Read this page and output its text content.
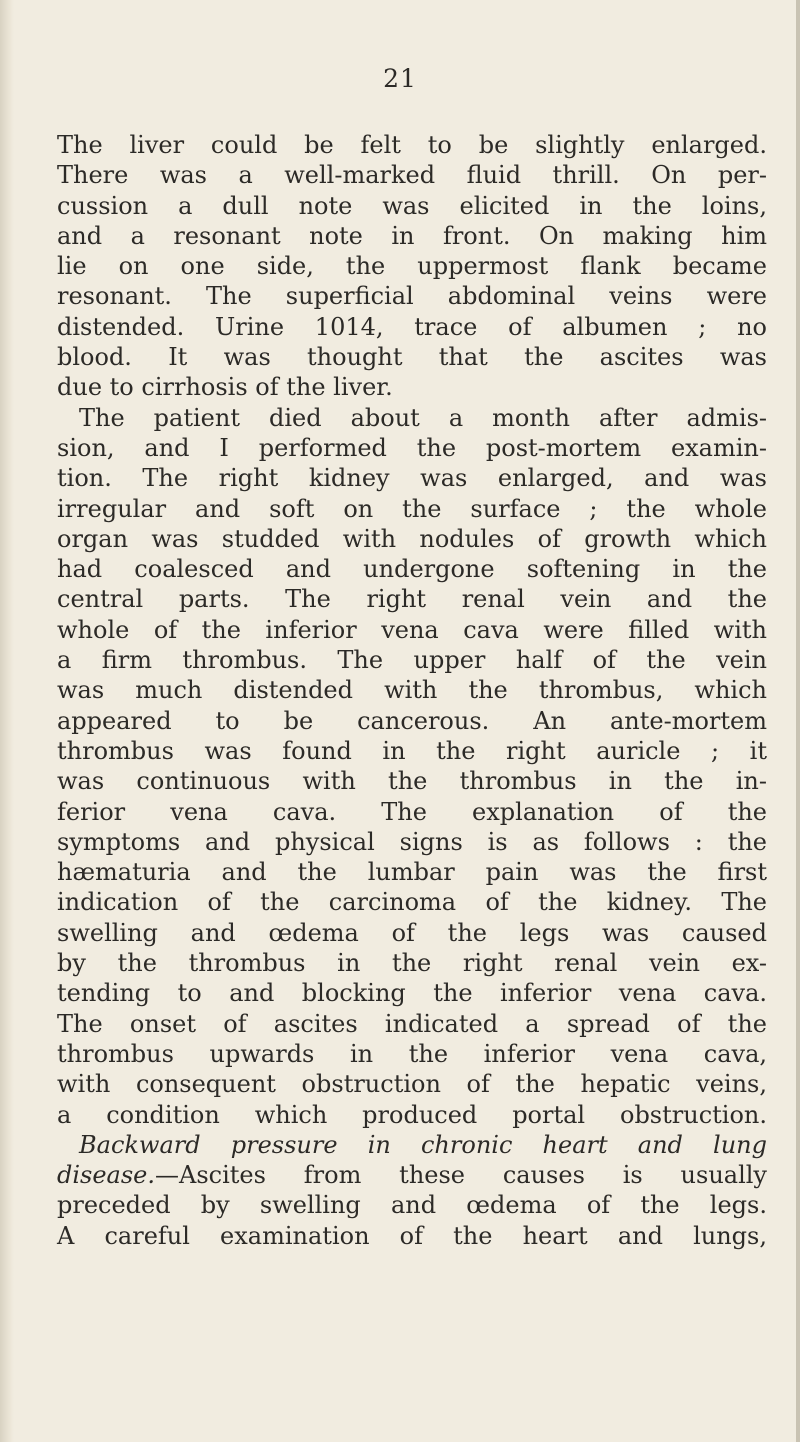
21
The liver could be felt to be slightly enlarged.
There was a well-marked fluid thrill. On per-
cussion a dull note was elicited in the loins,
and a resonant note in front. On making him
lie on one side, the uppermost flank became
resonant. The superficial abdominal veins were
distended. Urine 1014, trace of albumen ; no
blood. It was thought that the ascites was
due to cirrhosis of the liver.
The patient died about a month after admis-
sion, and I performed the post-mortem examin-
tion. The right kidney was enlarged, and was
irregular and soft on the surface ; the whole
organ was studded with nodules of growth which
had coalesced and undergone softening in the
central parts. The right renal vein and the
whole of the inferior vena cava were filled with
a firm thrombus. The upper half of the vein
was much distended with the thrombus, which
appeared to be cancerous. An ante-mortem
thrombus was found in the right auricle ; it
was continuous with the thrombus in the in-
ferior vena cava. The explanation of the
symptoms and physical signs is as follows : the
hæmaturia and the lumbar pain was the first
indication of the carcinoma of the kidney. The
swelling and œdema of the legs was caused
by the thrombus in the right renal vein ex-
tending to and blocking the inferior vena cava.
The onset of ascites indicated a spread of the
thrombus upwards in the inferior vena cava,
with consequent obstruction of the hepatic veins,
a condition which produced portal obstruction.
Backward pressure in chronic heart and lung
disease.—Ascites from these causes is usually
preceded by swelling and œdema of the legs.
A careful examination of the heart and lungs,
